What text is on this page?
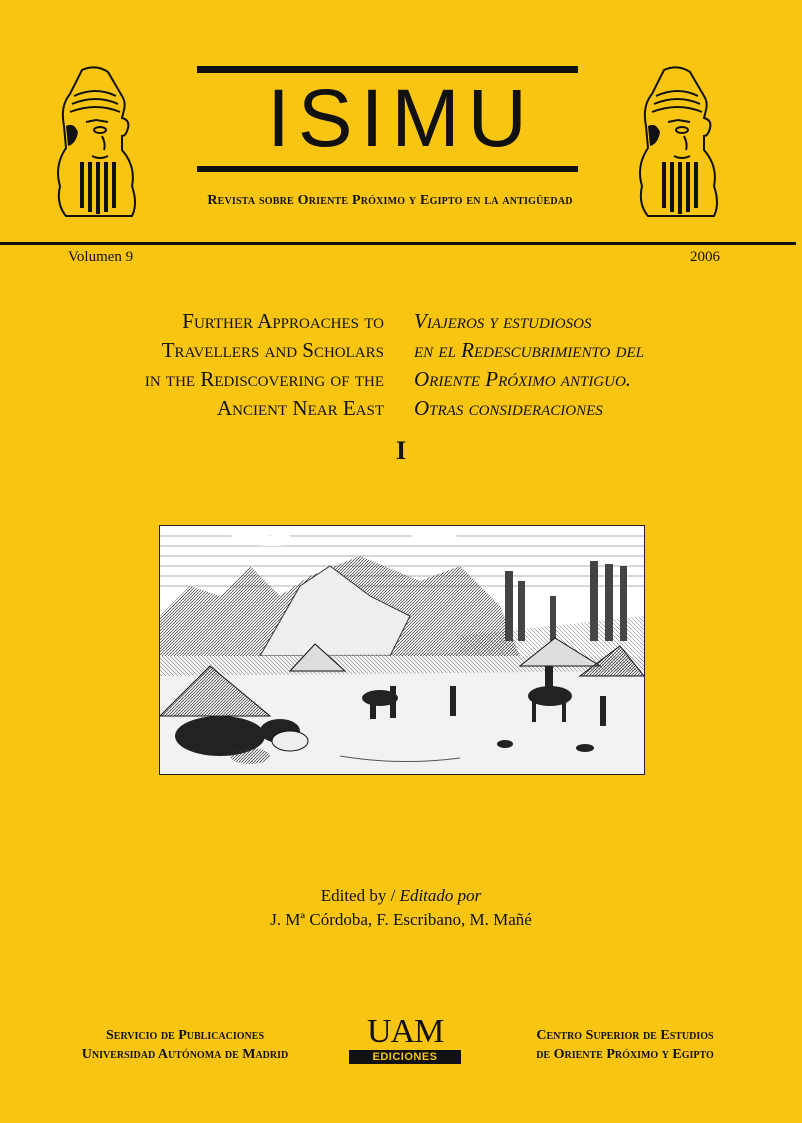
ISIMU
Revista sobre Oriente Próximo y Egipto en la antigüedad
Volumen 9	2006
Further Approaches to
Travellers and Scholars
in the Rediscovering of the
Ancient Near East
Viajeros y estudiosos
en el Redescubrimiento del
Oriente Próximo antiguo.
Otras consideraciones
I
Edited by / Editado por
J. Mª Córdoba, F. Escribano, M. Mañé
Servicio de Publicaciones
Universidad Autónoma de Madrid
UAM
EDICIONES
Centro Superior de Estudios
de Oriente Próximo y Egipto
